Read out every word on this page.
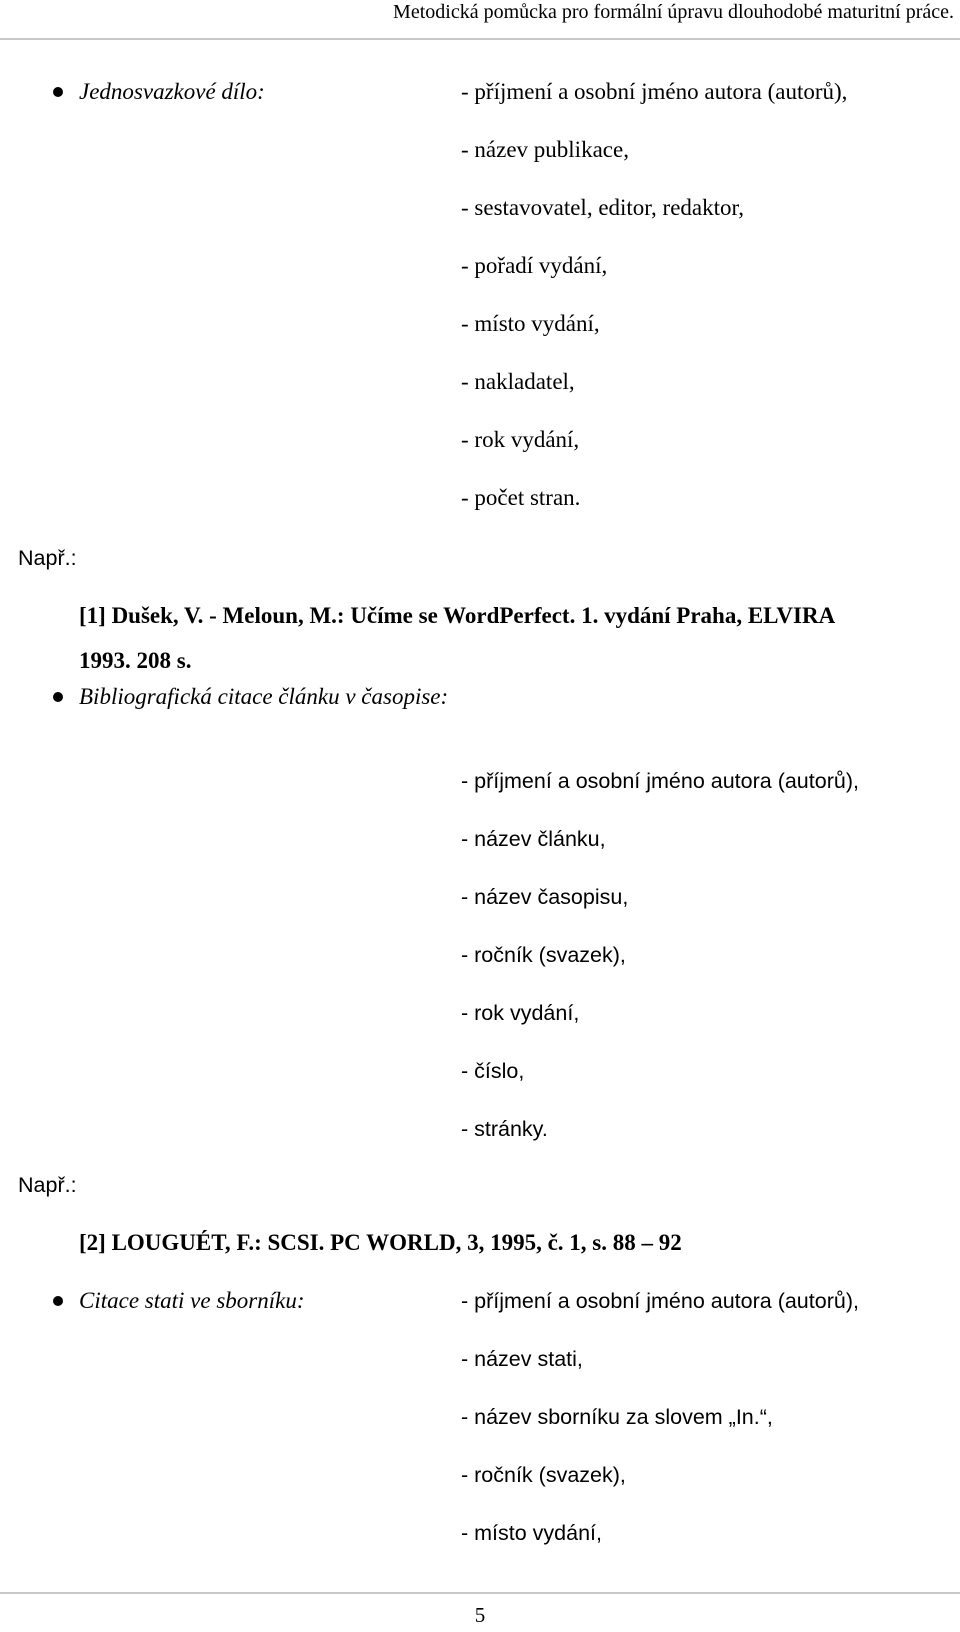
Metodická pomůcka pro formální úpravu dlouhodobé maturitní práce.
Jednosvazkové dílo:	- příjmení a osobní jméno autora (autorů),
- název publikace,
- sestavovatel, editor, redaktor,
- pořadí vydání,
- místo vydání,
- nakladatel,
- rok vydání,
- počet stran.
Např.:
[1] Dušek, V. - Meloun, M.: Učíme se WordPerfect. 1. vydání Praha, ELVIRA
1993. 208 s.
Bibliografická citace článku v časopise:
- příjmení a osobní jméno autora (autorů),
- název článku,
- název časopisu,
- ročník (svazek),
- rok vydání,
- číslo,
- stránky.
Např.:
[2] LOUGUÉT, F.: SCSI. PC WORLD, 3, 1995, č. 1, s. 88 – 92
Citace stati ve sborníku:	- příjmení a osobní jméno autora (autorů),
- název stati,
- název sborníku za slovem „In.“,
- ročník (svazek),
- místo vydání,
5
